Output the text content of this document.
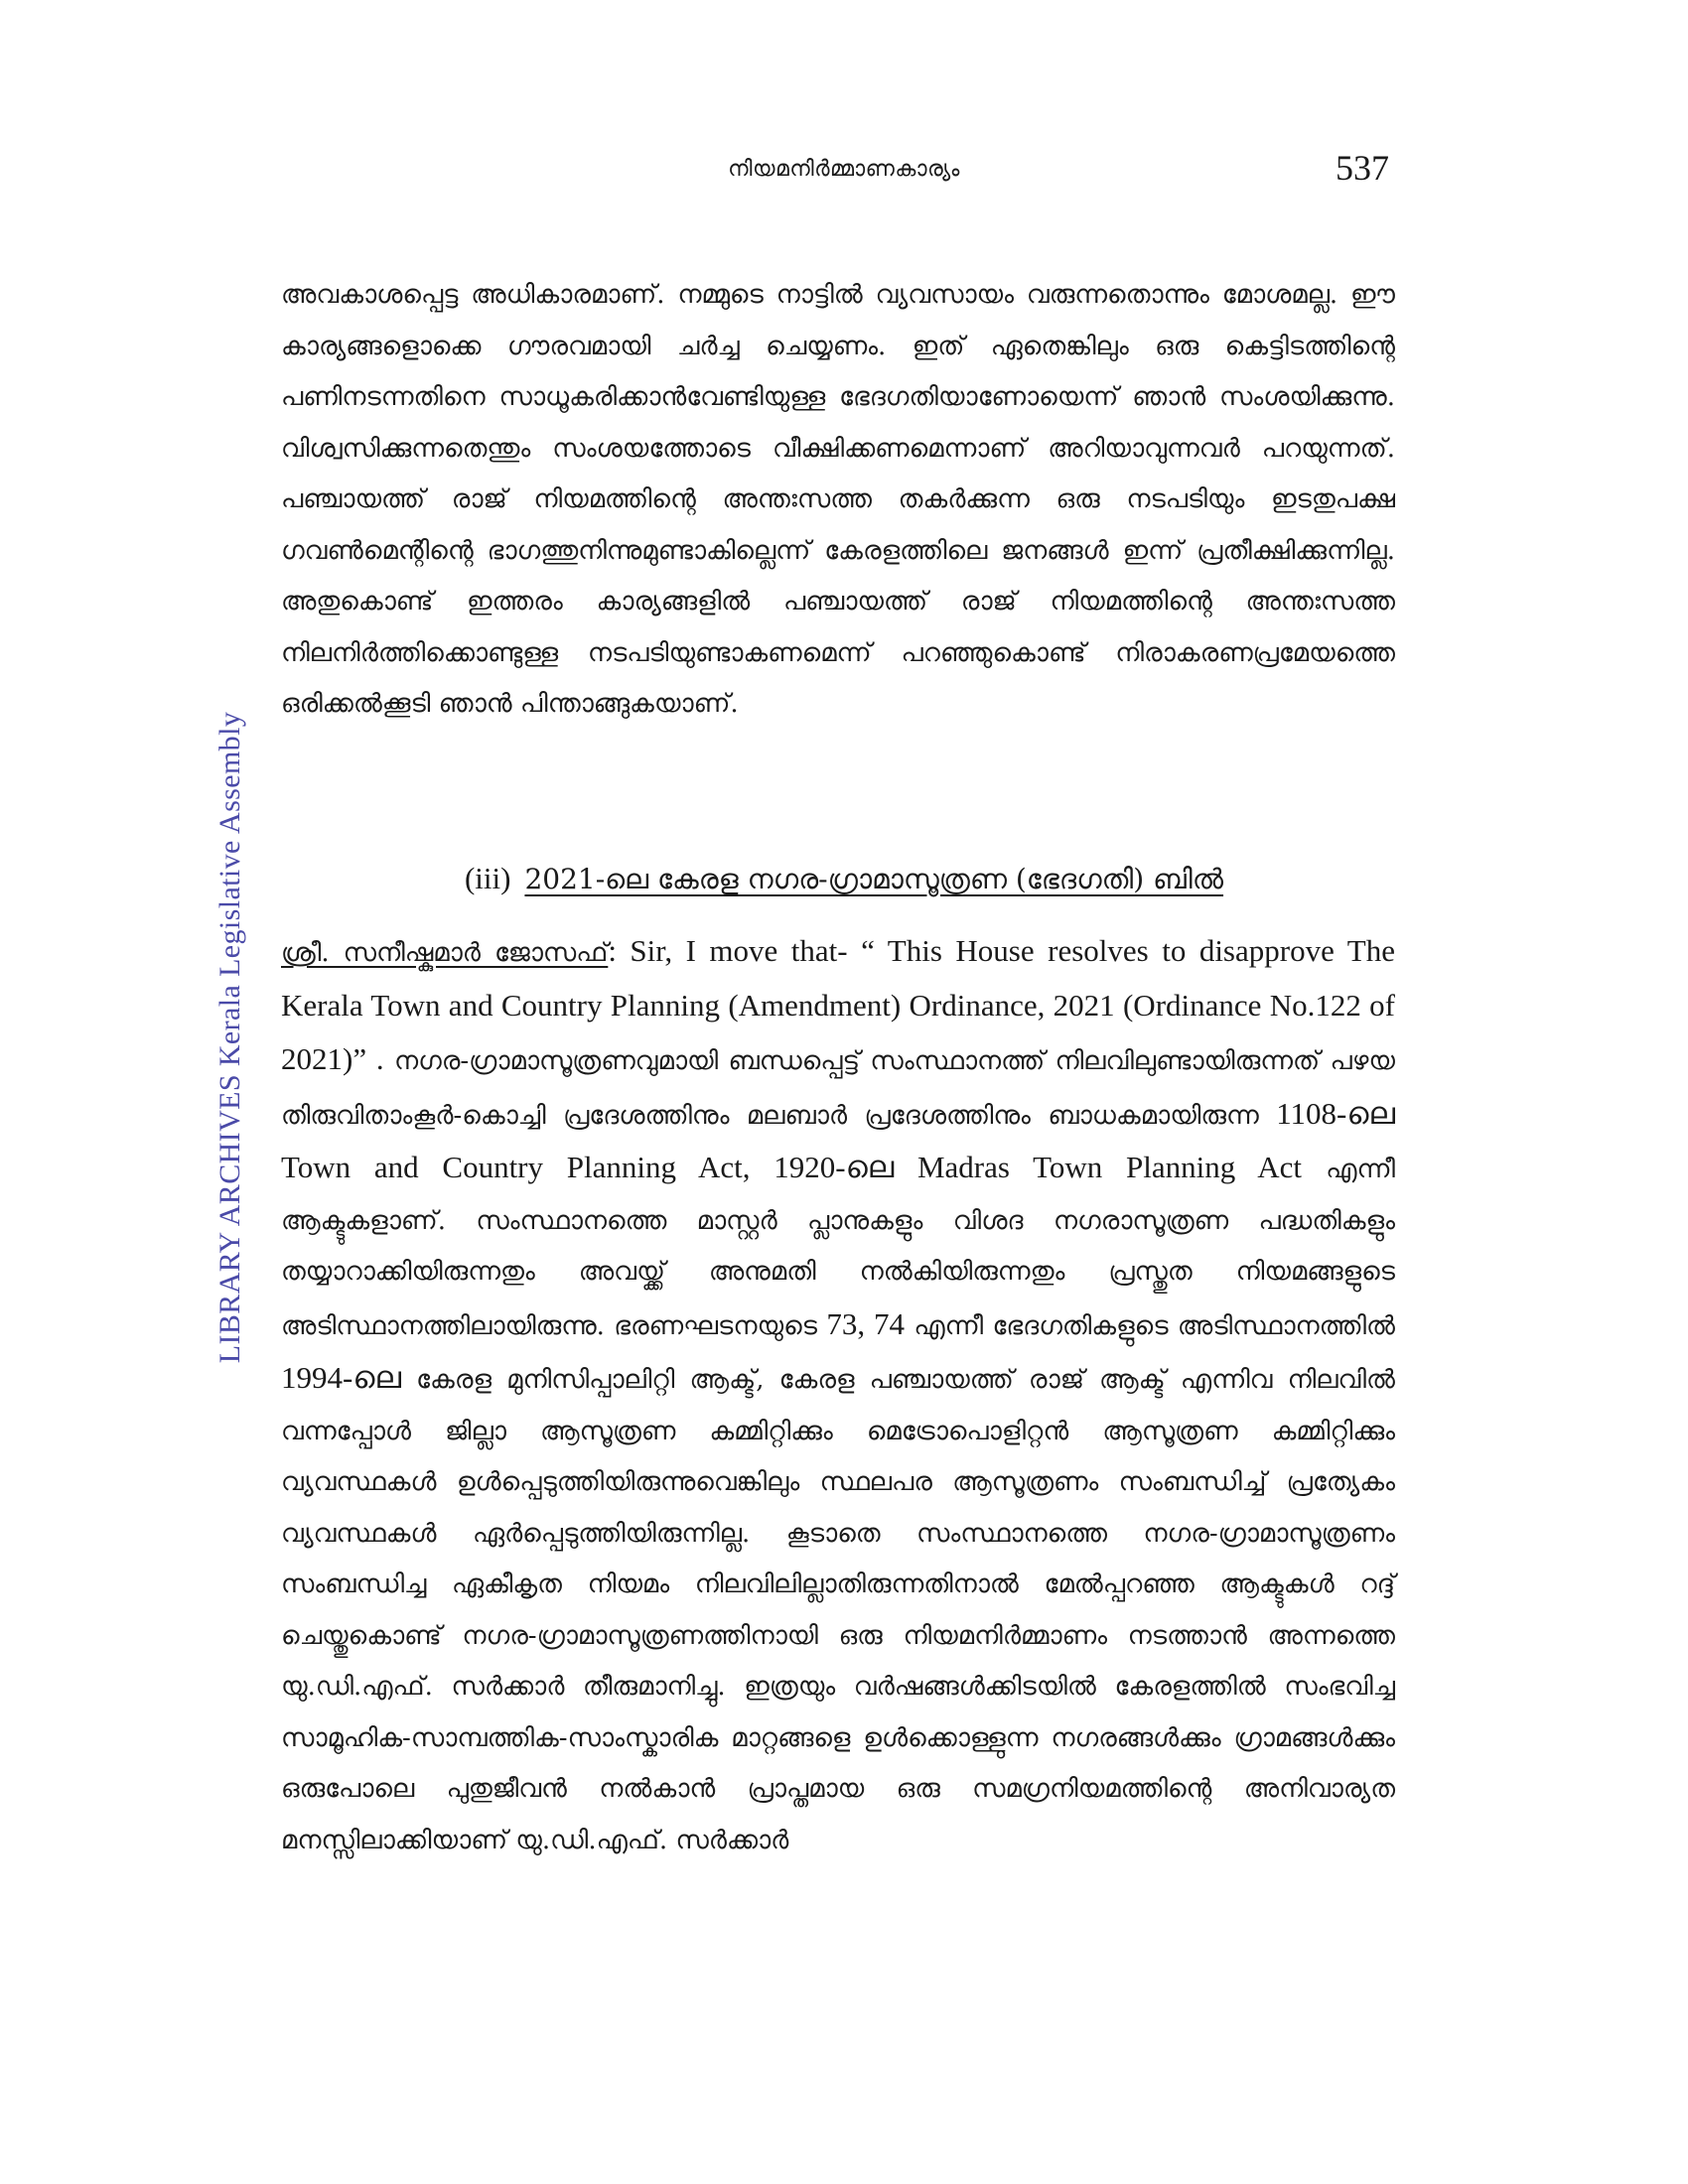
നിയമനിർമ്മാണകാര്യം	537
LIBRARY ARCHIVES Kerala Legislative Assembly

അവകാശപ്പെട്ട അധികാരമാണ്. നമ്മുടെ നാട്ടിൽ വ്യവസായം വരുന്നതൊന്നും മോശമല്ല. ഈ കാര്യങ്ങളൊക്കെ ഗൗരവമായി ചർച്ച ചെയ്യണം. ഇത് ഏതെങ്കിലും ഒരു കെട്ടിടത്തിന്റെ പണിനടന്നതിനെ സാധൂകരിക്കാൻവേണ്ടിയുള്ള ഭേദഗതിയാണോയെന്ന് ഞാൻ സംശയിക്കുന്നു. വിശ്വസിക്കുന്നതെന്തും സംശയത്തോടെ വീക്ഷിക്കണമെന്നാണ് അറിയാവുന്നവർ പറയുന്നത്. പഞ്ചായത്ത് രാജ് നിയമത്തിന്റെ അന്തഃസത്ത തകർക്കുന്ന ഒരു നടപടിയും ഇടതുപക്ഷ ഗവൺമെന്റിന്റെ ഭാഗത്തുനിന്നുമുണ്ടാകില്ലെന്ന് കേരളത്തിലെ ജനങ്ങൾ ഇന്ന് പ്രതീക്ഷിക്കുന്നില്ല. അതുകൊണ്ട് ഇത്തരം കാര്യങ്ങളിൽ പഞ്ചായത്ത് രാജ് നിയമത്തിന്റെ അന്തഃസത്ത നിലനിർത്തിക്കൊണ്ടുള്ള നടപടിയുണ്ടാകണമെന്ന് പറഞ്ഞുകൊണ്ട് നിരാകരണപ്രമേയത്തെ ഒരിക്കൽക്കൂടി ഞാൻ പിന്താങ്ങുകയാണ്.

(iii) 2021-ലെ കേരള നഗര-ഗ്രാമാസൂത്രണ (ഭേദഗതി) ബിൽ

ശ്രീ. സനീഷ്കുമാർ ജോസഫ്: Sir, I move that- “ This House resolves to disapprove The Kerala Town and Country Planning (Amendment) Ordinance, 2021 (Ordinance No.122 of 2021)” . നഗര-ഗ്രാമാസൂത്രണവുമായി ബന്ധപ്പെട്ട് സംസ്ഥാനത്ത് നിലവിലുണ്ടായിരുന്നത് പഴയ തിരുവിതാംകൂർ-കൊച്ചി പ്രദേശത്തിനും മലബാർ പ്രദേശത്തിനും ബാധകമായിരുന്ന 1108-ലെ Town and Country Planning Act, 1920-ലെ Madras Town Planning Act എന്നീ ആക്ടുകളാണ്. സംസ്ഥാനത്തെ മാസ്റ്റർ പ്ലാനുകളും വിശദ നഗരാസൂത്രണ പദ്ധതികളും തയ്യാറാക്കിയിരുന്നതും അവയ്ക്ക് അനുമതി നൽകിയിരുന്നതും പ്രസ്തുത നിയമങ്ങളുടെ അടിസ്ഥാനത്തിലായിരുന്നു. ഭരണഘടനയുടെ 73, 74 എന്നീ ഭേദഗതികളുടെ അടിസ്ഥാനത്തിൽ 1994-ലെ കേരള മുനിസിപ്പാലിറ്റി ആക്ട്, കേരള പഞ്ചായത്ത് രാജ് ആക്ട് എന്നിവ നിലവിൽ വന്നപ്പോൾ ജില്ലാ ആസൂത്രണ കമ്മിറ്റിക്കും മെട്രോപൊളിറ്റൻ ആസൂത്രണ കമ്മിറ്റിക്കും വ്യവസ്ഥകൾ ഉൾപ്പെടുത്തിയിരുന്നുവെങ്കിലും സ്ഥലപര ആസൂത്രണം സംബന്ധിച്ച് പ്രത്യേകം വ്യവസ്ഥകൾ ഏർപ്പെടുത്തിയിരുന്നില്ല. കൂടാതെ സംസ്ഥാനത്തെ നഗര-ഗ്രാമാസൂത്രണം സംബന്ധിച്ച ഏകീകൃത നിയമം നിലവിലില്ലാതിരുന്നതിനാൽ മേൽപ്പറഞ്ഞ ആക്ടുകൾ റദ്ദ് ചെയ്തുകൊണ്ട് നഗര-ഗ്രാമാസൂത്രണത്തിനായി ഒരു നിയമനിർമ്മാണം നടത്താൻ അന്നത്തെ യു.ഡി.എഫ്. സർക്കാർ തീരുമാനിച്ചു. ഇത്രയും വർഷങ്ങൾക്കിടയിൽ കേരളത്തിൽ സംഭവിച്ച സാമൂഹിക-സാമ്പത്തിക-സാംസ്കാരിക മാറ്റങ്ങളെ ഉൾക്കൊള്ളുന്ന നഗരങ്ങൾക്കും ഗ്രാമങ്ങൾക്കും ഒരുപോലെ പുതുജീവൻ നൽകാൻ പ്രാപ്തമായ ഒരു സമഗ്രനിയമത്തിന്റെ അനിവാര്യത മനസ്സിലാക്കിയാണ് യു.ഡി.എഫ്. സർക്കാർ
